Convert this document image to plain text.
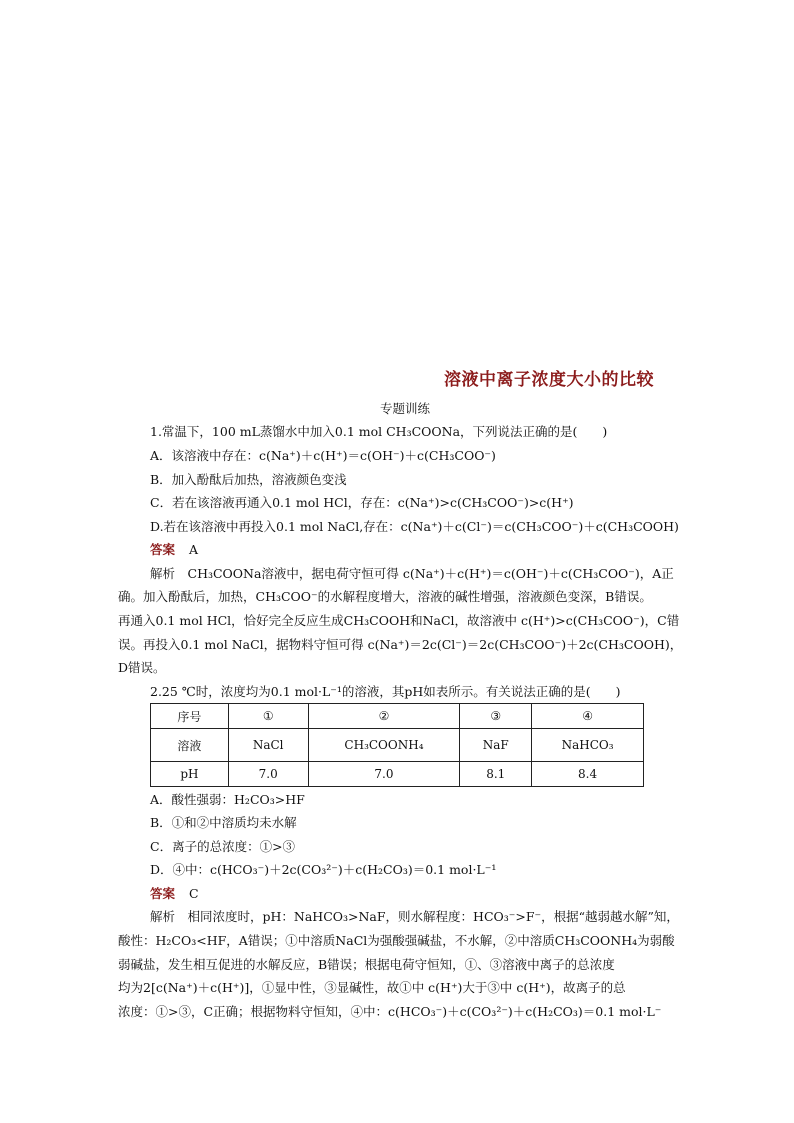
溶液中离子浓度大小的比较
专题训练
1.常温下，100 mL蒸馏水中加入0.1 mol CH₃COONa，下列说法正确的是(　　)
A．该溶液中存在：c(Na⁺)＋c(H⁺)＝c(OH⁻)＋c(CH₃COO⁻)
B．加入酚酞后加热，溶液颜色变浅
C．若在该溶液再通入0.1 mol HCl，存在：c(Na⁺)>c(CH₃COO⁻)>c(H⁺)
D.若在该溶液中再投入0.1 mol NaCl,存在：c(Na⁺)＋c(Cl⁻)＝c(CH₃COO⁻)＋c(CH₃COOH)
答案 A
解析　CH₃COONa溶液中，据电荷守恒可得 c(Na⁺)＋c(H⁺)＝c(OH⁻)＋c(CH₃COO⁻)，A正
确。加入酚酞后，加热，CH₃COO⁻的水解程度增大，溶液的碱性增强，溶液颜色变深，B错误。
再通入0.1 mol HCl，恰好完全反应生成CH₃COOH和NaCl，故溶液中 c(H⁺)>c(CH₃COO⁻)，C错
误。再投入0.1 mol NaCl，据物料守恒可得 c(Na⁺)＝2c(Cl⁻)＝2c(CH₃COO⁻)＋2c(CH₃COOH)，
D错误。
2.25 ℃时，浓度均为0.1 mol·L⁻¹的溶液，其pH如表所示。有关说法正确的是(　　)
序号	①	②	③	④
溶液	NaCl	CH₃COONH₄	NaF	NaHCO₃
pH	7.0	7.0	8.1	8.4
A．酸性强弱：H₂CO₃>HF
B．①和②中溶质均未水解
C．离子的总浓度：①>③
D．④中：c(HCO₃⁻)＋2c(CO₃²⁻)＋c(H₂CO₃)＝0.1 mol·L⁻¹
答案 C
解析　相同浓度时，pH：NaHCO₃>NaF，则水解程度：HCO₃⁻>F⁻，根据“越弱越水解”知，
酸性：H₂CO₃<HF，A错误；①中溶质NaCl为强酸强碱盐，不水解，②中溶质CH₃COONH₄为弱酸
弱碱盐，发生相互促进的水解反应，B错误；根据电荷守恒知，①、③溶液中离子的总浓度
均为2[c(Na⁺)＋c(H⁺)]，①显中性，③显碱性，故①中 c(H⁺)大于③中 c(H⁺)，故离子的总
浓度：①>③，C正确；根据物料守恒知，④中：c(HCO₃⁻)＋c(CO₃²⁻)＋c(H₂CO₃)＝0.1 mol·L⁻
